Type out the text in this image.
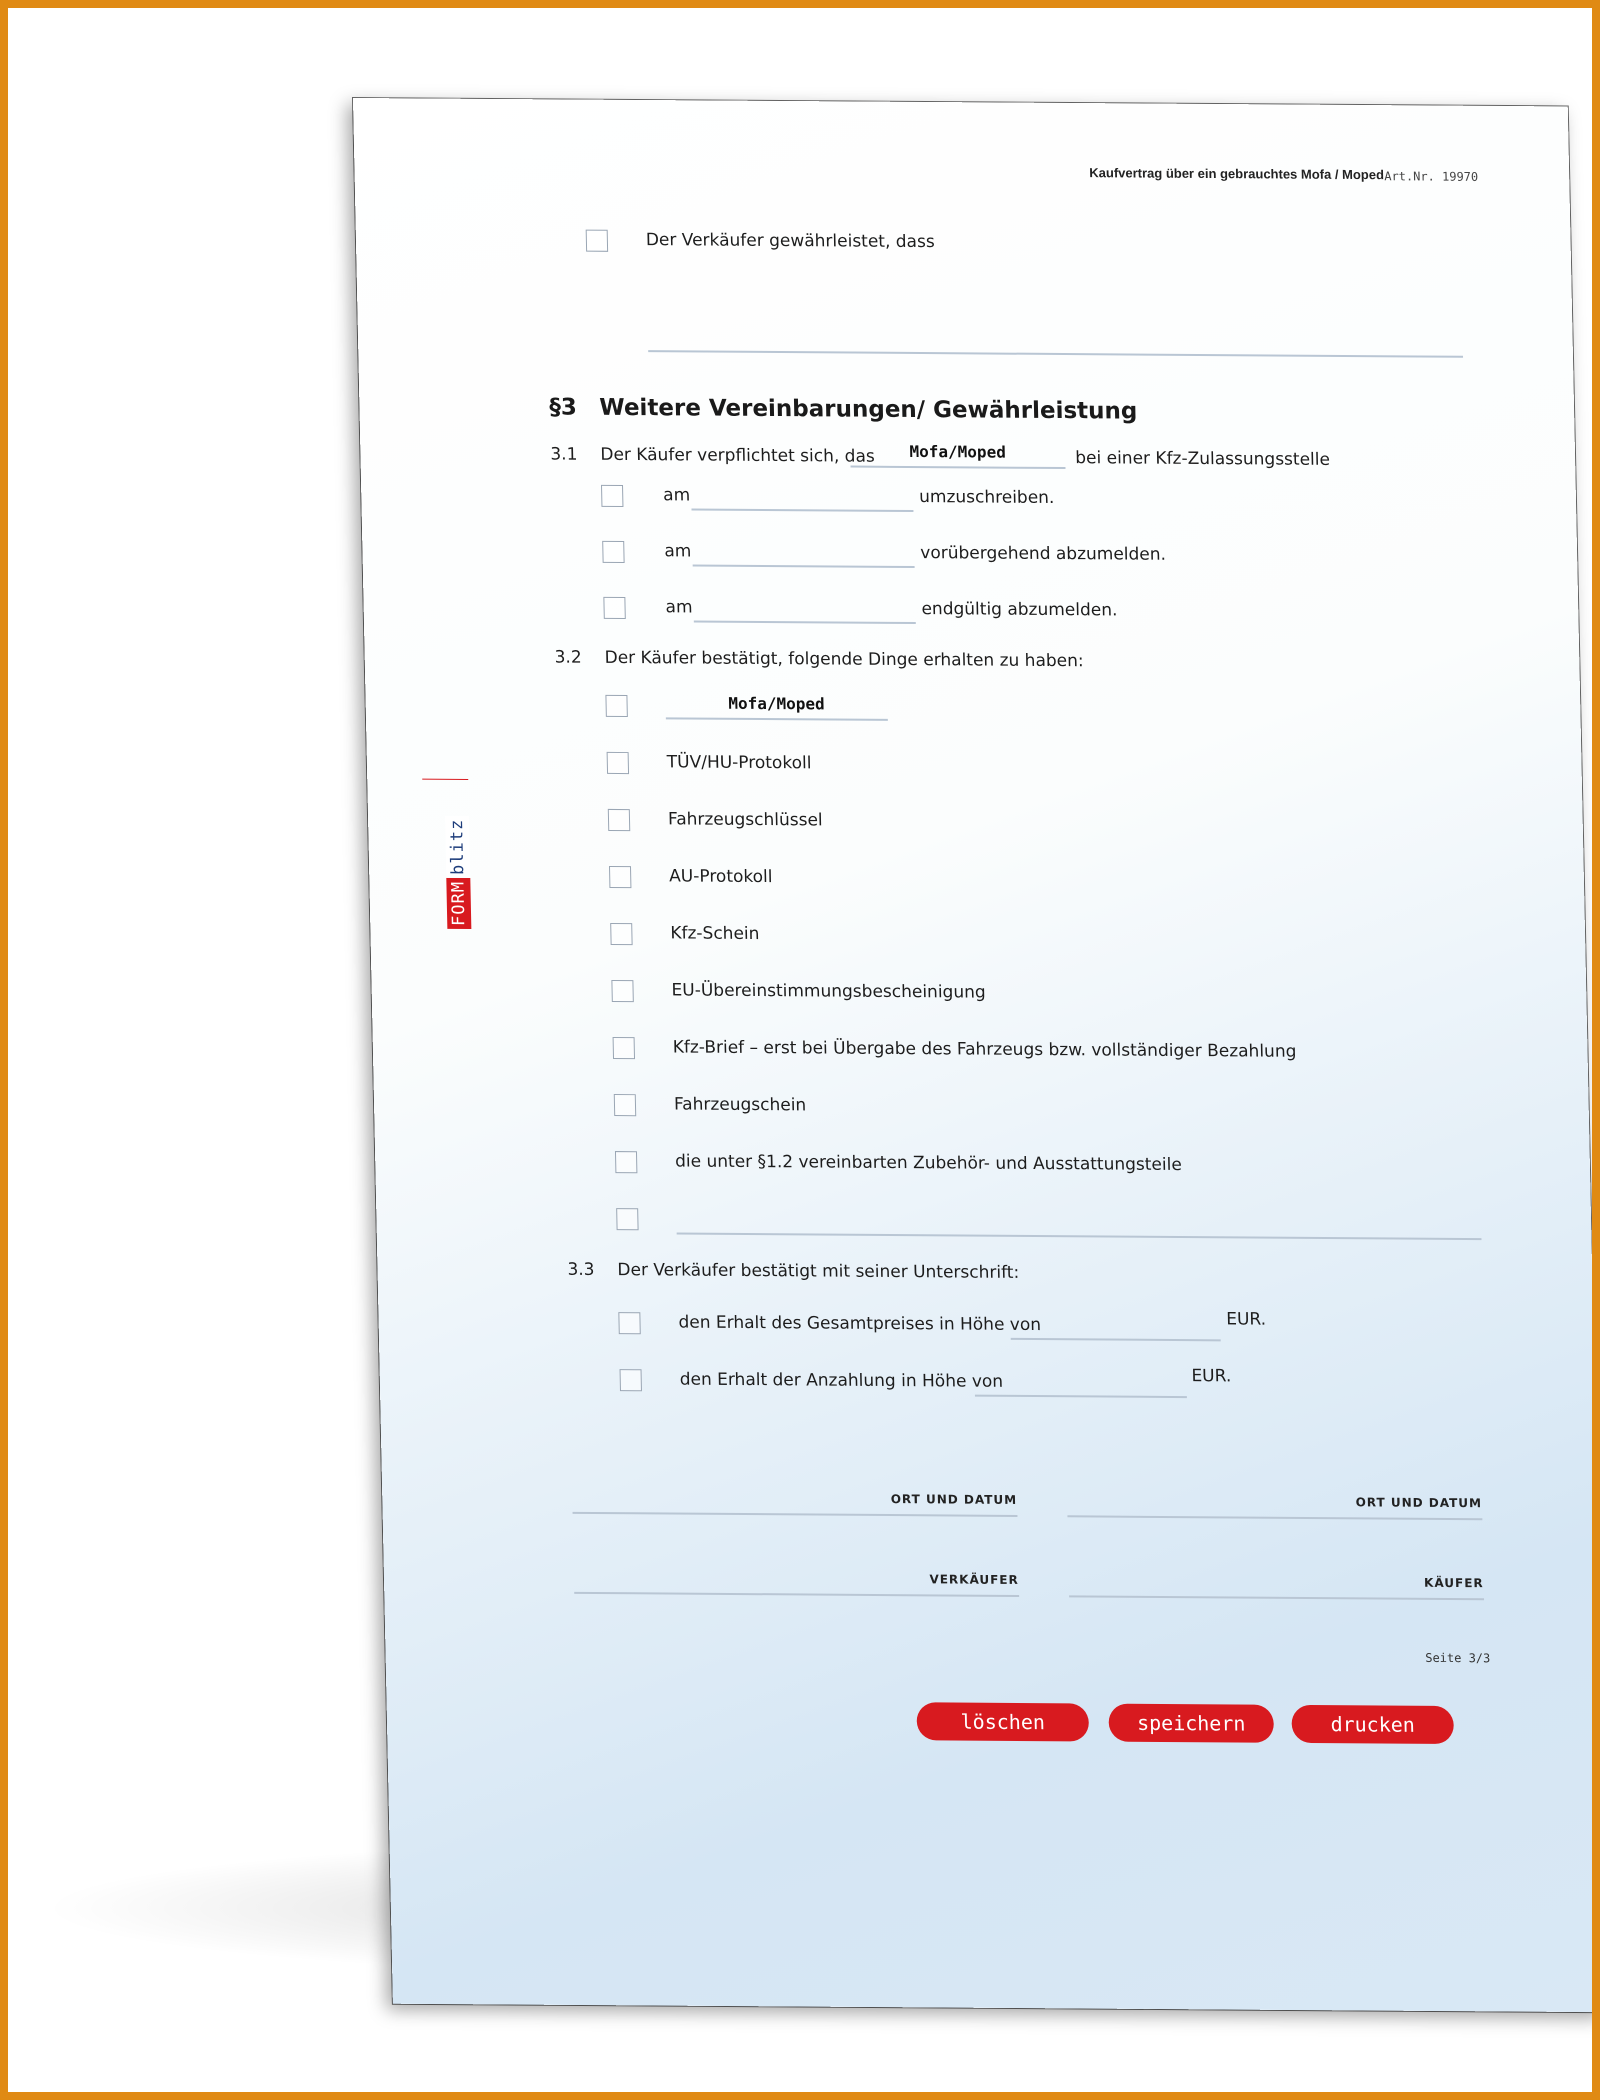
Kaufvertrag über ein gebrauchtes Mofa / Moped Art.Nr. 19970
Der Verkäufer gewährleistet, dass
§3 Weitere Vereinbarungen/ Gewährleistung
3.1 Der Käufer verpflichtet sich, das	Mofa/Moped	bei einer Kfz-Zulassungsstelle
am	umzuschreiben.
am	vorübergehend abzumelden.
am	endgültig abzumelden.
3.2 Der Käufer bestätigt, folgende Dinge erhalten zu haben:
Mofa/Moped
TÜV/HU-Protokoll
Fahrzeugschlüssel
AU-Protokoll
Kfz-Schein
EU-Übereinstimmungsbescheinigung
Kfz-Brief – erst bei Übergabe des Fahrzeugs bzw. vollständiger Bezahlung
Fahrzeugschein
die unter §1.2 vereinbarten Zubehör- und Ausstattungsteile
3.3 Der Verkäufer bestätigt mit seiner Unterschrift:
den Erhalt des Gesamtpreises in Höhe von	EUR.
den Erhalt der Anzahlung in Höhe von	EUR.
ORT UND DATUM	ORT UND DATUM
VERKÄUFER	KÄUFER
Seite 3/3
löschen	speichern	drucken
FORM
blitz
